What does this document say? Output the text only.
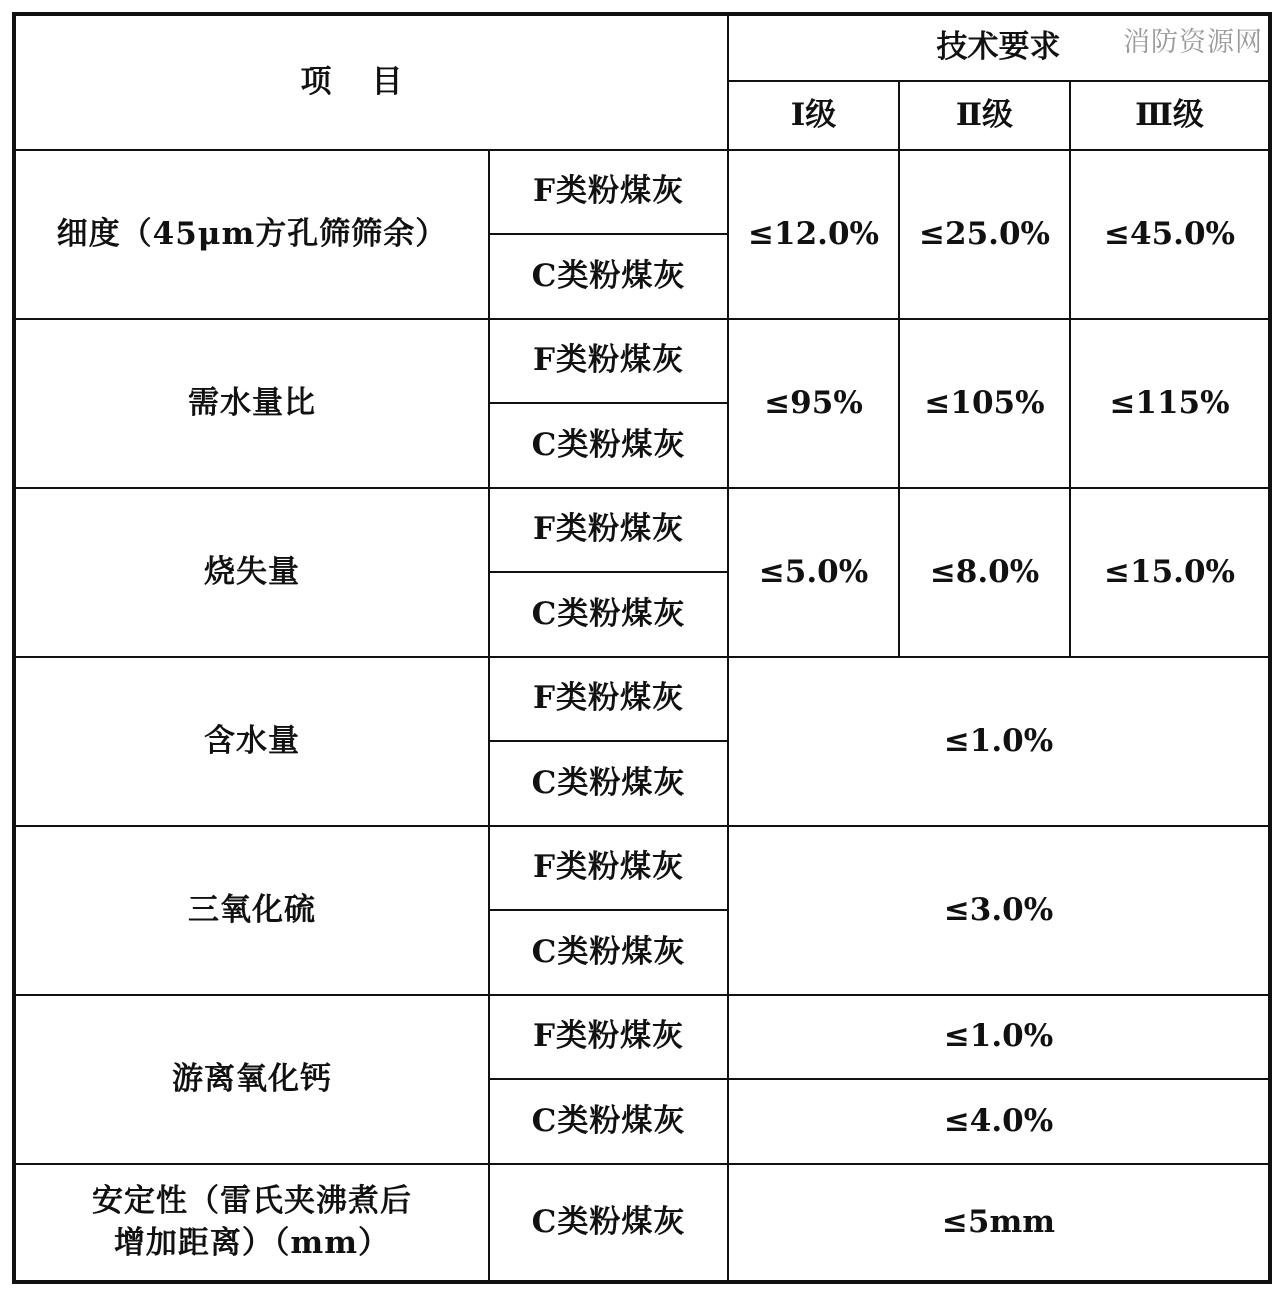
消防资源网
项目		技术要求		
		Ⅰ级	Ⅱ级	Ⅲ级
细度（45μm方孔筛筛余）	F类粉煤灰	≤12.0%	≤25.0%	≤45.0%
	C类粉煤灰			
需水量比	F类粉煤灰	≤95%	≤105%	≤115%
	C类粉煤灰			
烧失量	F类粉煤灰	≤5.0%	≤8.0%	≤15.0%
	C类粉煤灰			
含水量	F类粉煤灰	≤1.0%		
	C类粉煤灰			
三氧化硫	F类粉煤灰	≤3.0%		
	C类粉煤灰			
游离氧化钙	F类粉煤灰	≤1.0%		
	C类粉煤灰	≤4.0%		

安定性（雷氏夹沸煮后
增加距离）（mm）	C类粉煤灰	≤5mm		
